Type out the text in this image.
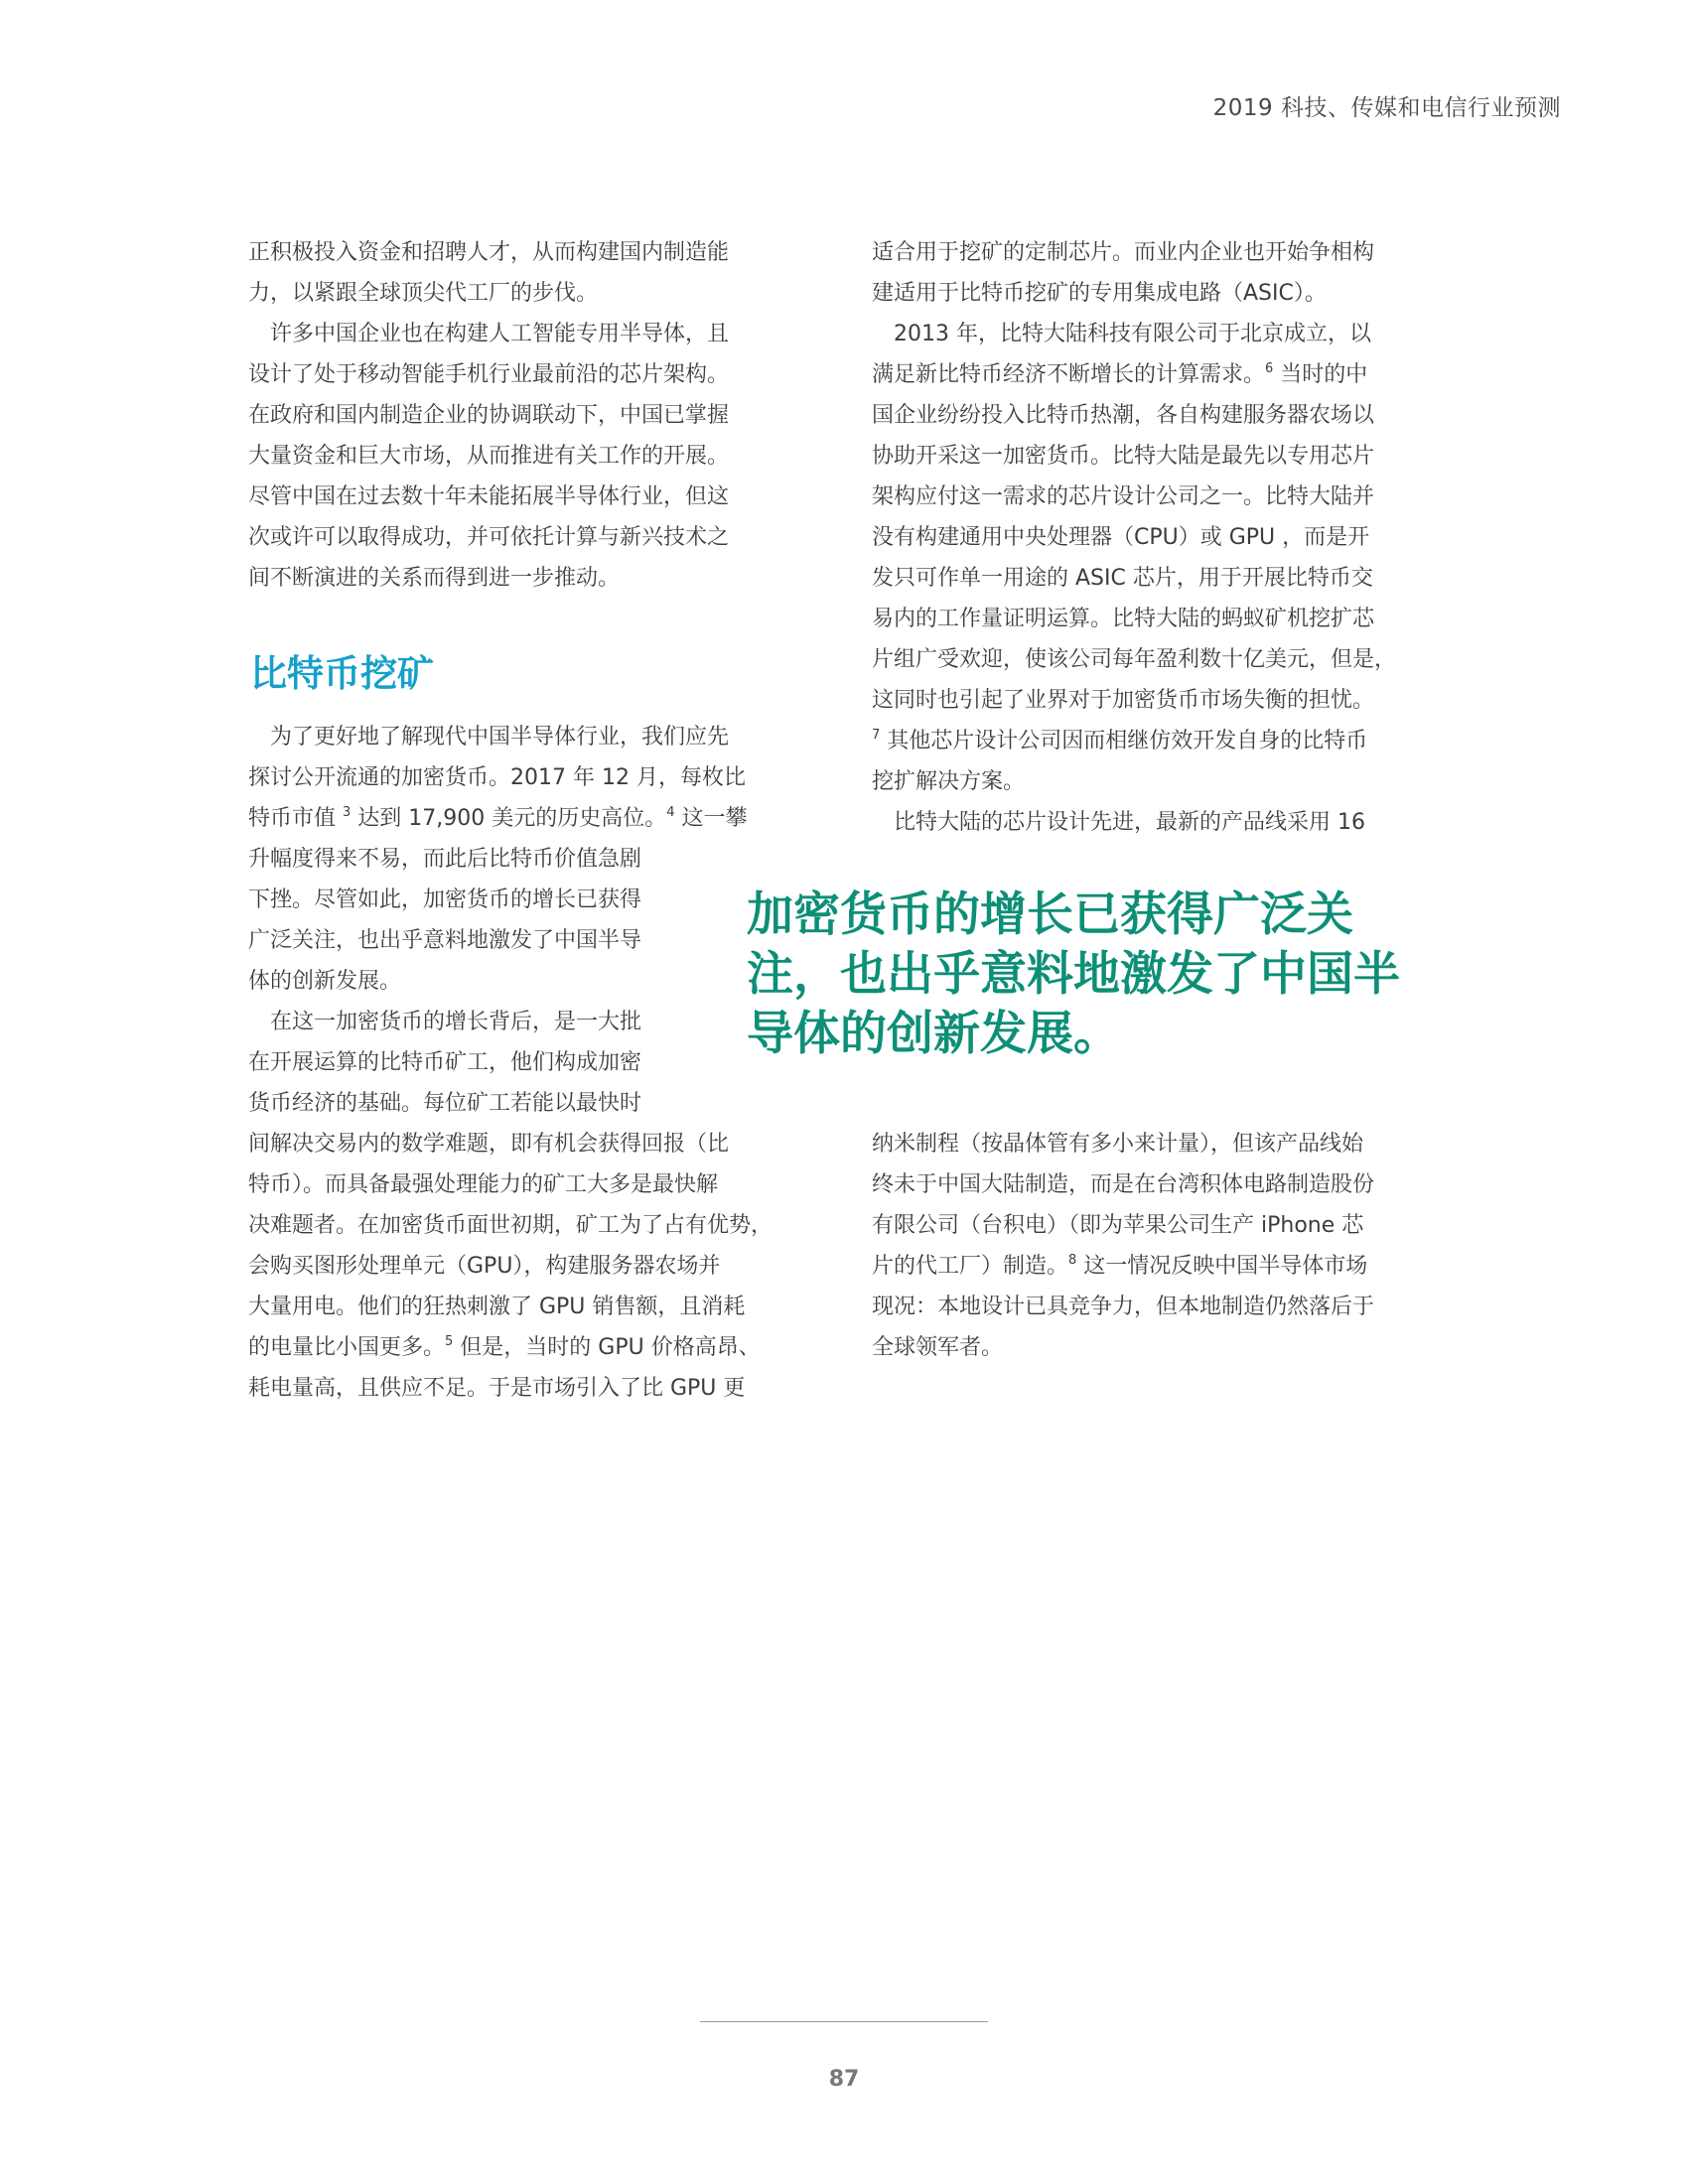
2019 科技、传媒和电信行业预测

正积极投入资金和招聘人才，从而构建国内制造能
力，以紧跟全球顶尖代工厂的步伐。

许多中国企业也在构建人工智能专用半导体，且
设计了处于移动智能手机行业最前沿的芯片架构。
在政府和国内制造企业的协调联动下，中国已掌握
大量资金和巨大市场，从而推进有关工作的开展。
尽管中国在过去数十年未能拓展半导体行业，但这
次或许可以取得成功，并可依托计算与新兴技术之
间不断演进的关系而得到进一步推动。

比特币挖矿

为了更好地了解现代中国半导体行业，我们应先
探讨公开流通的加密货币。2017 年 12 月，每枚比
特币市值 $^3$ 达到 17,900 美元的历史高位。$^4$ 这一攀
升幅度得来不易，而此后比特币价值急剧
下挫。尽管如此，加密货币的增长已获得
广泛关注，也出乎意料地激发了中国半导
体的创新发展。

在这一加密货币的增长背后，是一大批
在开展运算的比特币矿工，他们构成加密
货币经济的基础。每位矿工若能以最快时
间解决交易内的数学难题，即有机会获得回报（比
特币）。而具备最强处理能力的矿工大多是最快解
决难题者。在加密货币面世初期，矿工为了占有优势，
会购买图形处理单元（GPU），构建服务器农场并
大量用电。他们的狂热刺激了 GPU 销售额，且消耗
的电量比小国更多。$^5$ 但是，当时的 GPU 价格高昂、
耗电量高，且供应不足。于是市场引入了比 GPU 更

适合用于挖矿的定制芯片。而业内企业也开始争相构
建适用于比特币挖矿的专用集成电路（ASIC）。

2013 年，比特大陆科技有限公司于北京成立，以
满足新比特币经济不断增长的计算需求。$^6$ 当时的中
国企业纷纷投入比特币热潮，各自构建服务器农场以
协助开采这一加密货币。比特大陆是最先以专用芯片
架构应付这一需求的芯片设计公司之一。比特大陆并
没有构建通用中央处理器（CPU）或 GPU ，而是开
发只可作单一用途的 ASIC 芯片，用于开展比特币交
易内的工作量证明运算。比特大陆的蚂蚁矿机挖扩芯
片组广受欢迎，使该公司每年盈利数十亿美元，但是，
这同时也引起了业界对于加密货币市场失衡的担忧。
$^7$ 其他芯片设计公司因而相继仿效开发自身的比特币
挖扩解决方案。

比特大陆的芯片设计先进，最新的产品线采用 16

加密货币的增长已获得广泛关
注，也出乎意料地激发了中国半
导体的创新发展。

纳米制程（按晶体管有多小来计量），但该产品线始
终未于中国大陆制造，而是在台湾积体电路制造股份
有限公司（台积电）（即为苹果公司生产 iPhone 芯
片的代工厂）制造。$^8$ 这一情况反映中国半导体市场
现况：本地设计已具竞争力，但本地制造仍然落后于
全球领军者。

87
